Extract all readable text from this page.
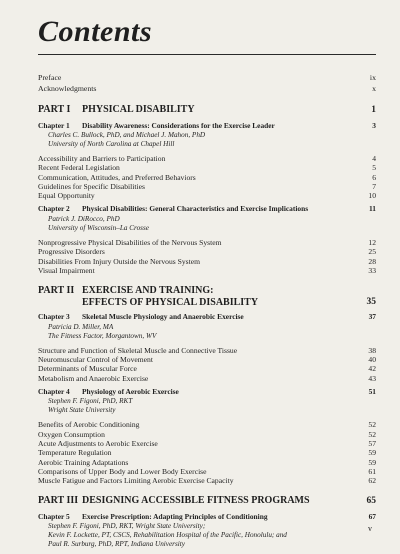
Contents
Preface	ix
Acknowledgments	x
PART I	PHYSICAL DISABILITY	1
Chapter 1 Disability Awareness: Considerations for the Exercise Leader	3
Charles C. Bullock, PhD, and Michael J. Mahon, PhD
University of North Carolina at Chapel Hill
Accessibility and Barriers to Participation	4
Recent Federal Legislation	5
Communication, Attitudes, and Preferred Behaviors	6
Guidelines for Specific Disabilities	7
Equal Opportunity	10
Chapter 2 Physical Disabilities: General Characteristics and Exercise Implications	11
Patrick J. DiRocco, PhD
University of Wisconsin–La Crosse
Nonprogressive Physical Disabilities of the Nervous System	12
Progressive Disorders	25
Disabilities From Injury Outside the Nervous System	28
Visual Impairment	33
PART II EXERCISE AND TRAINING:
EFFECTS OF PHYSICAL DISABILITY	35
Chapter 3 Skeletal Muscle Physiology and Anaerobic Exercise	37
Patricia D. Miller, MA
The Fitness Factor, Morgantown, WV
Structure and Function of Skeletal Muscle and Connective Tissue	38
Neuromuscular Control of Movement	40
Determinants of Muscular Force	42
Metabolism and Anaerobic Exercise	43
Chapter 4 Physiology of Aerobic Exercise	51
Stephen F. Figoni, PhD, RKT
Wright State University
Benefits of Aerobic Conditioning	52
Oxygen Consumption	52
Acute Adjustments to Aerobic Exercise	57
Temperature Regulation	59
Aerobic Training Adaptations	59
Comparisons of Upper Body and Lower Body Exercise	61
Muscle Fatigue and Factors Limiting Aerobic Exercise Capacity	62
PART III DESIGNING ACCESSIBLE FITNESS PROGRAMS	65
Chapter 5 Exercise Prescription: Adapting Principles of Conditioning	67
Stephen F. Figoni, PhD, RKT, Wright State University;
Kevin F. Lockette, PT, CSCS, Rehabilitation Hospital of the Pacific, Honolulu; and
Paul R. Surburg, PhD, RPT, Indiana University
v
